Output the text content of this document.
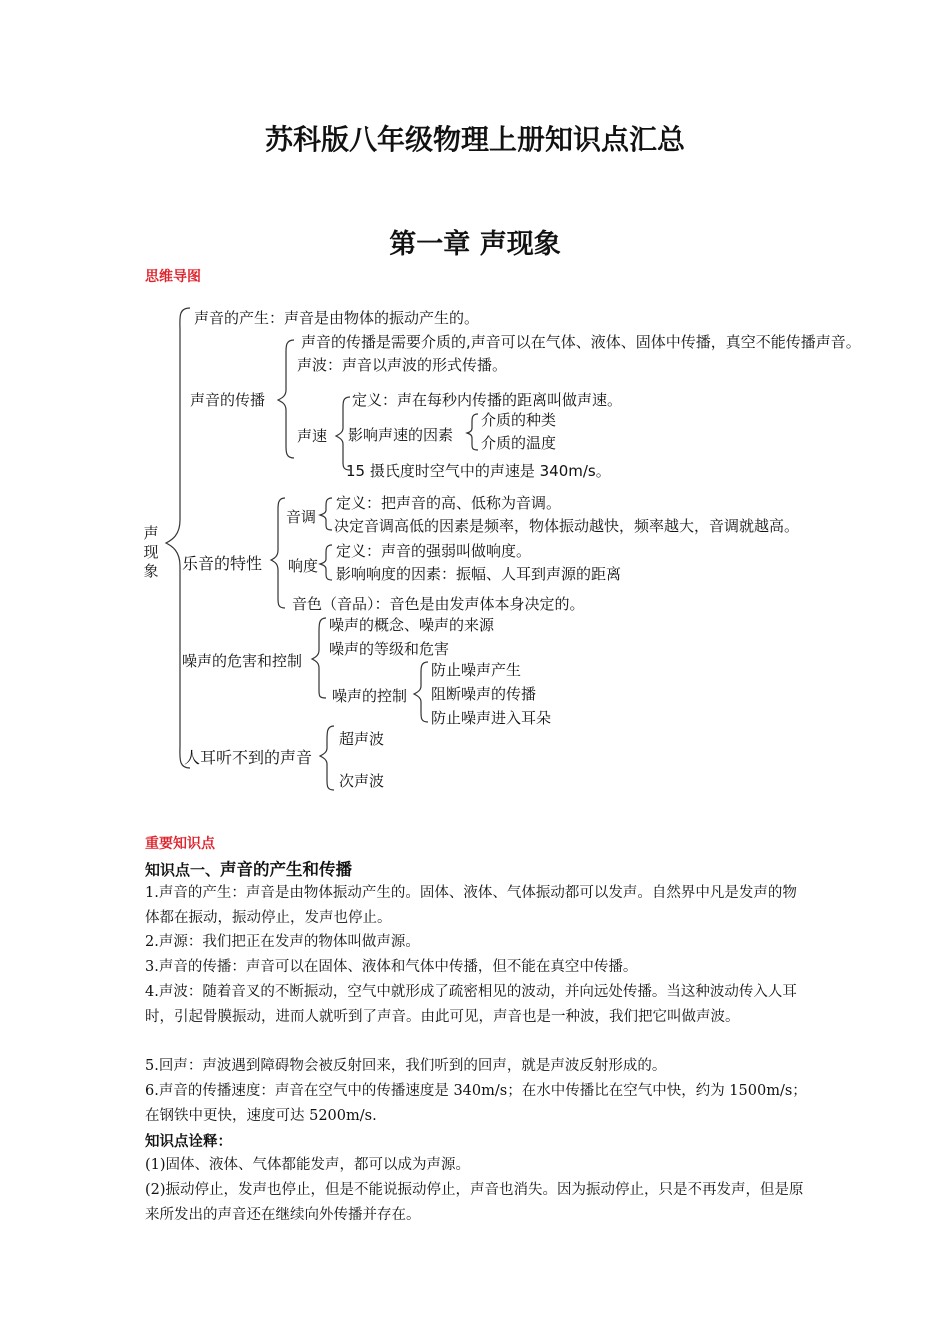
苏科版八年级物理上册知识点汇总
第一章 声现象
思维导图
声现象
声音的产生：声音是由物体的振动产生的。
声音的传播
声音的传播是需要介质的,声音可以在气体、液体、固体中传播，真空不能传播声音。
声波：声音以声波的形式传播。
声速
定义：声在每秒内传播的距离叫做声速。
影响声速的因素
介质的种类
介质的温度
15 摄氏度时空气中的声速是 340m/s。
乐音的特性
音调
定义：把声音的高、低称为音调。
决定音调高低的因素是频率，物体振动越快，频率越大，音调就越高。
响度
定义：声音的强弱叫做响度。
影响响度的因素：振幅、人耳到声源的距离
音色（音品）：音色是由发声体本身决定的。
噪声的危害和控制
噪声的概念、噪声的来源
噪声的等级和危害
噪声的控制
防止噪声产生
阻断噪声的传播
防止噪声进入耳朵
人耳听不到的声音
超声波
次声波
重要知识点
知识点一、声音的产生和传播
1.声音的产生：声音是由物体振动产生的。固体、液体、气体振动都可以发声。自然界中凡是发声的物体都在振动，振动停止，发声也停止。
2.声源：我们把正在发声的物体叫做声源。
3.声音的传播：声音可以在固体、液体和气体中传播，但不能在真空中传播。
4.声波：随着音叉的不断振动，空气中就形成了疏密相见的波动，并向远处传播。当这种波动传入人耳时，引起骨膜振动，进而人就听到了声音。由此可见，声音也是一种波，我们把它叫做声波。
5.回声：声波遇到障碍物会被反射回来，我们听到的回声，就是声波反射形成的。
6.声音的传播速度：声音在空气中的传播速度是 340m/s；在水中传播比在空气中快，约为 1500m/s；在钢铁中更快，速度可达 5200m/s.
知识点诠释：
(1)固体、液体、气体都能发声，都可以成为声源。
(2)振动停止，发声也停止，但是不能说振动停止，声音也消失。因为振动停止，只是不再发声，但是原来所发出的声音还在继续向外传播并存在。
